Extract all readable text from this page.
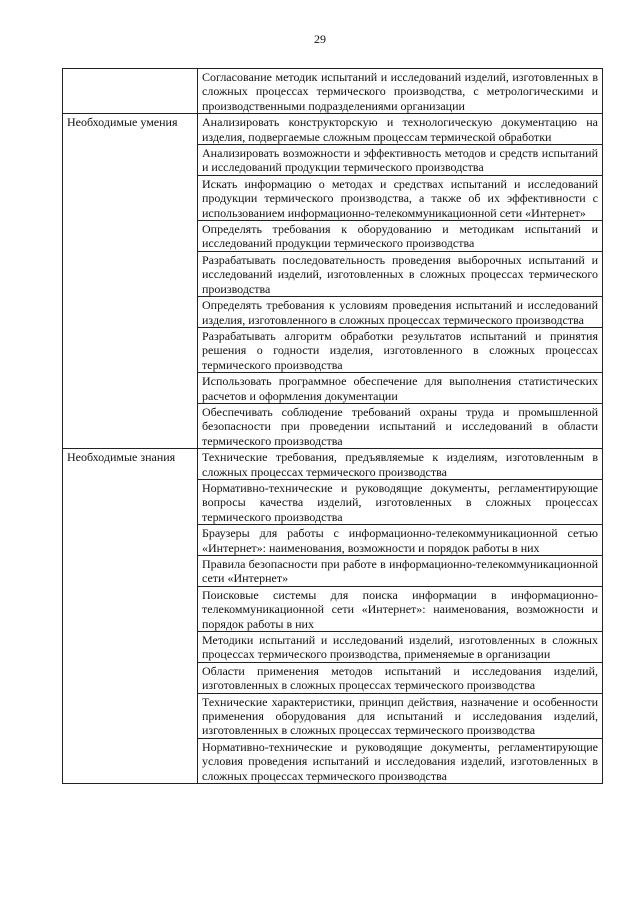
29
	Согласование методик испытаний и исследований изделий, изготовленных в сложных процессах термического производства, с метрологическими и производственными подразделениями организации
Необходимые умения	Анализировать конструкторскую и технологическую документацию на изделия, подвергаемые сложным процессам термической обработки
	Анализировать возможности и эффективность методов и средств испытаний и исследований продукции термического производства
	Искать информацию о методах и средствах испытаний и исследований продукции термического производства, а также об их эффективности с использованием информационно-телекоммуникационной сети «Интернет»
	Определять требования к оборудованию и методикам испытаний и исследований продукции термического производства
	Разрабатывать последовательность проведения выборочных испытаний и исследований изделий, изготовленных в сложных процессах термического производства
	Определять требования к условиям проведения испытаний и исследований изделия, изготовленного в сложных процессах термического производства
	Разрабатывать алгоритм обработки результатов испытаний и принятия решения о годности изделия, изготовленного в сложных процессах термического производства
	Использовать программное обеспечение для выполнения статистических расчетов и оформления документации
	Обеспечивать соблюдение требований охраны труда и промышленной безопасности при проведении испытаний и исследований в области термического производства
Необходимые знания	Технические требования, предъявляемые к изделиям, изготовленным в сложных процессах термического производства
	Нормативно-технические и руководящие документы, регламентирующие вопросы качества изделий, изготовленных в сложных процессах термического производства
	Браузеры для работы с информационно-телекоммуникационной сетью «Интернет»: наименования, возможности и порядок работы в них
	Правила безопасности при работе в информационно-телекоммуникационной сети «Интернет»
	Поисковые системы для поиска информации в информационно-телекоммуникационной сети «Интернет»: наименования, возможности и порядок работы в них
	Методики испытаний и исследований изделий, изготовленных в сложных процессах термического производства, применяемые в организации
	Области применения методов испытаний и исследования изделий, изготовленных в сложных процессах термического производства
	Технические характеристики, принцип действия, назначение и особенности применения оборудования для испытаний и исследования изделий, изготовленных в сложных процессах термического производства
	Нормативно-технические и руководящие документы, регламентирующие условия проведения испытаний и исследования изделий, изготовленных в сложных процессах термического производства
